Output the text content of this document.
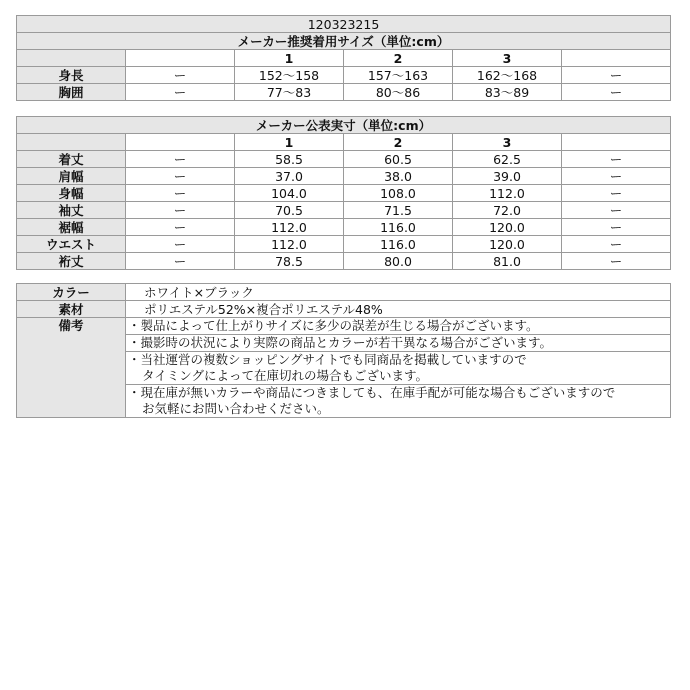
120323215					
メーカー推奨着用サイズ（単位:cm）					
		1	2	3	
身長	ー	152～158	157～163	162～168	ー
胸囲	ー	77～83	80～86	83～89	ー
メーカー公表実寸（単位:cm）					
		1	2	3	
着丈	ー	58.5	60.5	62.5	ー
肩幅	ー	37.0	38.0	39.0	ー
身幅	ー	104.0	108.0	112.0	ー
袖丈	ー	70.5	71.5	72.0	ー
裾幅	ー	112.0	116.0	120.0	ー
ウエスト	ー	112.0	116.0	120.0	ー
裄丈	ー	78.5	80.0	81.0	ー
カラー	ホワイト×ブラック
素材	ポリエステル52%×複合ポリエステル48%
備考	・製品によって仕上がりサイズに多少の誤差が生じる場合がございます。

	・撮影時の状況により実際の商品とカラーが若干異なる場合がございます。

	・当社運営の複数ショッピングサイトでも同商品を掲載していますので
タイミングによって在庫切れの場合もございます。

	・現在庫が無いカラーや商品につきましても、在庫手配が可能な場合もございますので
お気軽にお問い合わせください。
